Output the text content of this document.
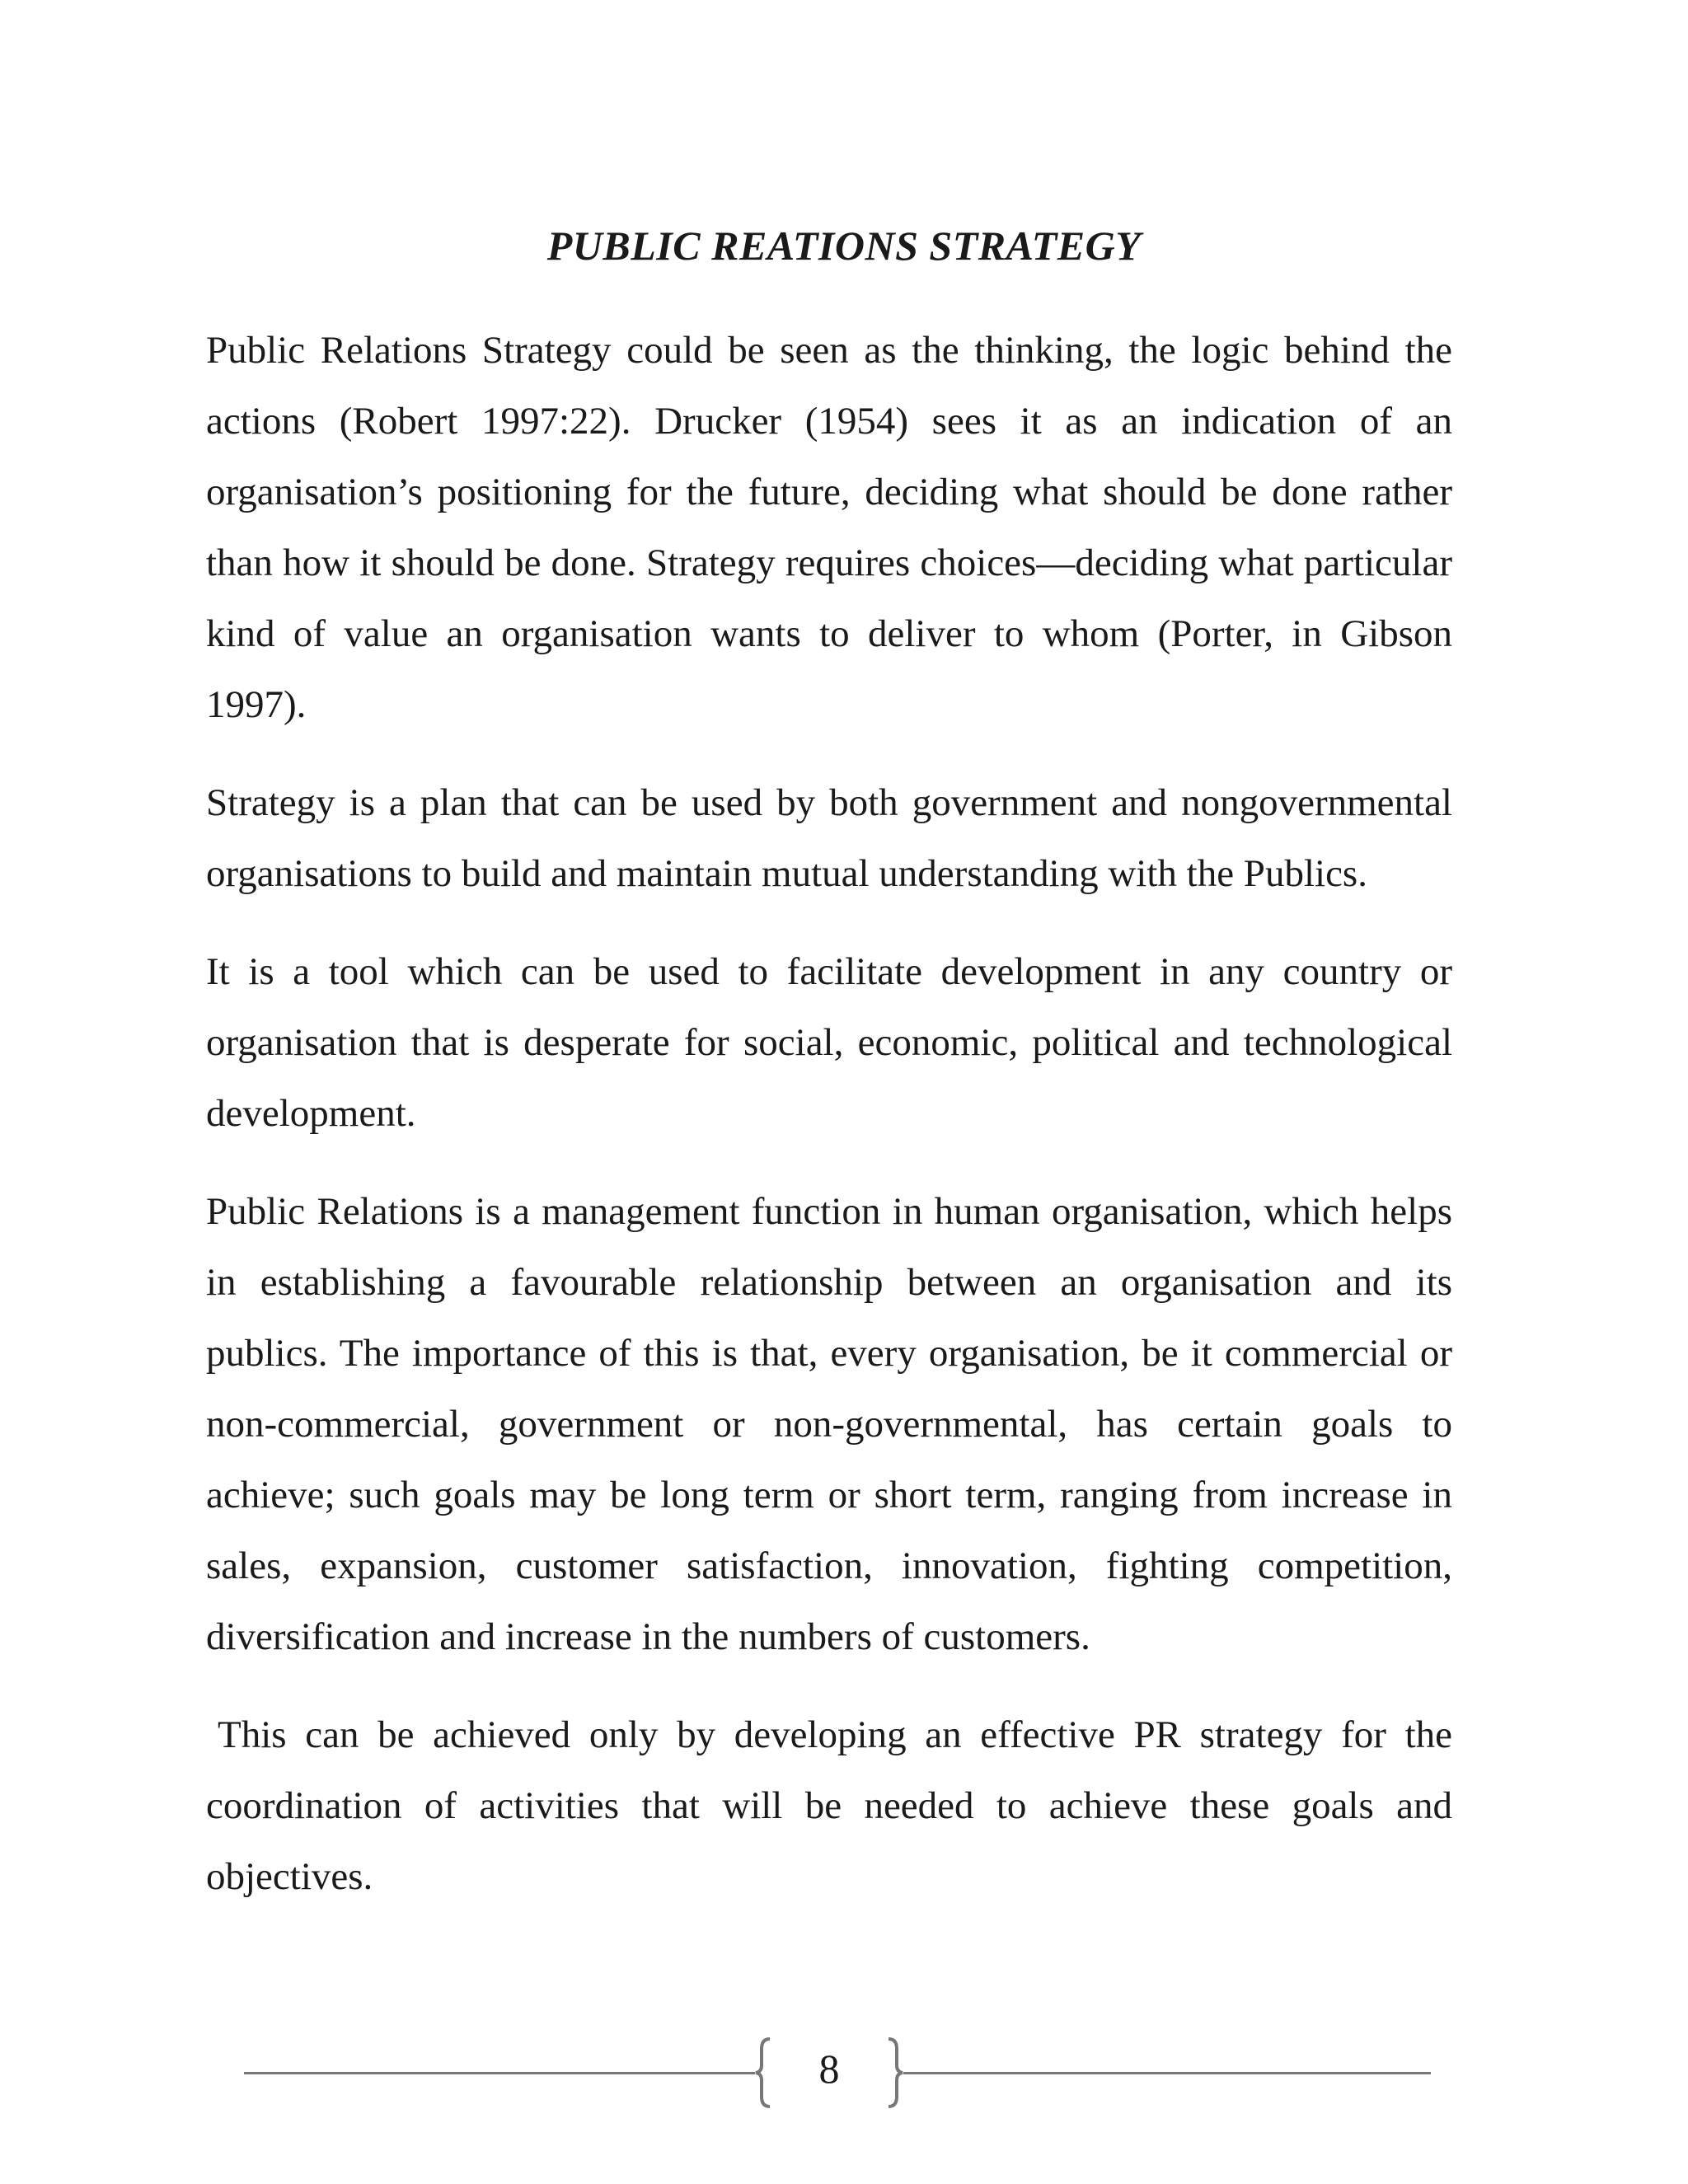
PUBLIC REATIONS STRATEGY

Public Relations Strategy could be seen as the thinking, the logic behind the actions (Robert 1997:22). Drucker (1954) sees it as an indication of an organisation’s positioning for the future, deciding what should be done rather than how it should be done. Strategy requires choices—deciding what particular kind of value an organisation wants to deliver to whom (Porter, in Gibson 1997).

Strategy is a plan that can be used by both government and nongovernmental organisations to build and maintain mutual understanding with the Publics.

It is a tool which can be used to facilitate development in any country or organisation that is desperate for social, economic, political and technological development.

Public Relations is a management function in human organisation, which helps in establishing a favourable relationship between an organisation and its publics. The importance of this is that, every organisation, be it commercial or non-commercial, government or non-governmental, has certain goals to achieve; such goals may be long term or short term, ranging from increase in sales, expansion, customer satisfaction, innovation, fighting competition, diversification and increase in the numbers of customers.

This can be achieved only by developing an effective PR strategy for the coordination of activities that will be needed to achieve these goals and objectives.

8
